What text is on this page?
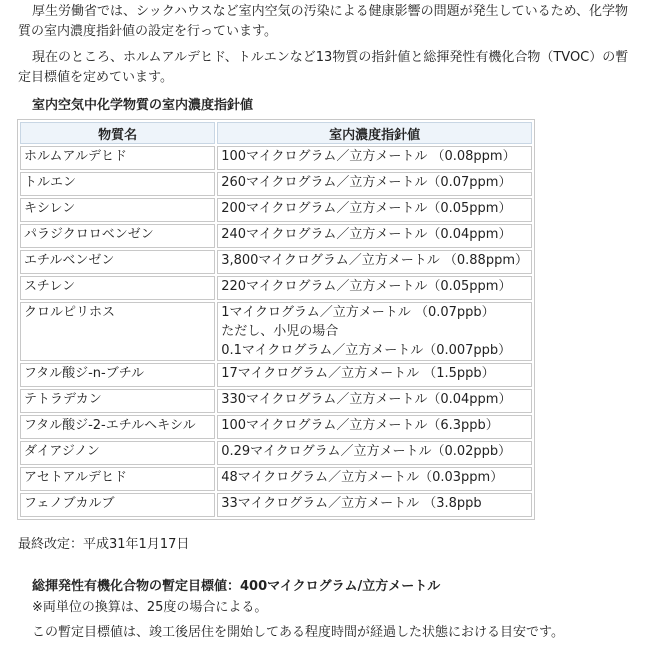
厚生労働省では、シックハウスなど室内空気の汚染による健康影響の問題が発生しているため、化学物質の室内濃度指針値の設定を行っています。

現在のところ、ホルムアルデヒド、トルエンなど13物質の指針値と総揮発性有機化合物（TVOC）の暫定目標値を定めています。

室内空気中化学物質の室内濃度指針値

物質名	室内濃度指針値
ホルムアルデヒド	100マイクログラム／立方メートル （0.08ppm）

トルエン	260マイクログラム／立方メートル（0.07ppm）

キシレン	200マイクログラム／立方メートル（0.05ppm）

パラジクロロベンゼン	240マイクログラム／立方メートル（0.04ppm）

エチルベンゼン	3,800マイクログラム／立方メートル （0.88ppm）

スチレン	220マイクログラム／立方メートル（0.05ppm）

クロルピリホス	1マイクログラム／立方メートル （0.07ppb）
ただし、小児の場合
0.1マイクログラム／立方メートル（0.007ppb）

フタル酸ジ-n-ブチル	17マイクログラム／立方メートル （1.5ppb）

テトラデカン	330マイクログラム／立方メートル（0.04ppm）

フタル酸ジ-2-エチルヘキシル	100マイクログラム／立方メートル（6.3ppb）

ダイアジノン	0.29マイクログラム／立方メートル（0.02ppb）

アセトアルデヒド	48マイクログラム／立方メートル（0.03ppm）

フェノブカルブ	33マイクログラム／立方メートル （3.8ppb

最終改定：平成31年1月17日

総揮発性有機化合物の暫定目標値：400マイクログラム/立方メートル

※両単位の換算は、25度の場合による。

この暫定目標値は、竣工後居住を開始してある程度時間が経過した状態における目安です。
